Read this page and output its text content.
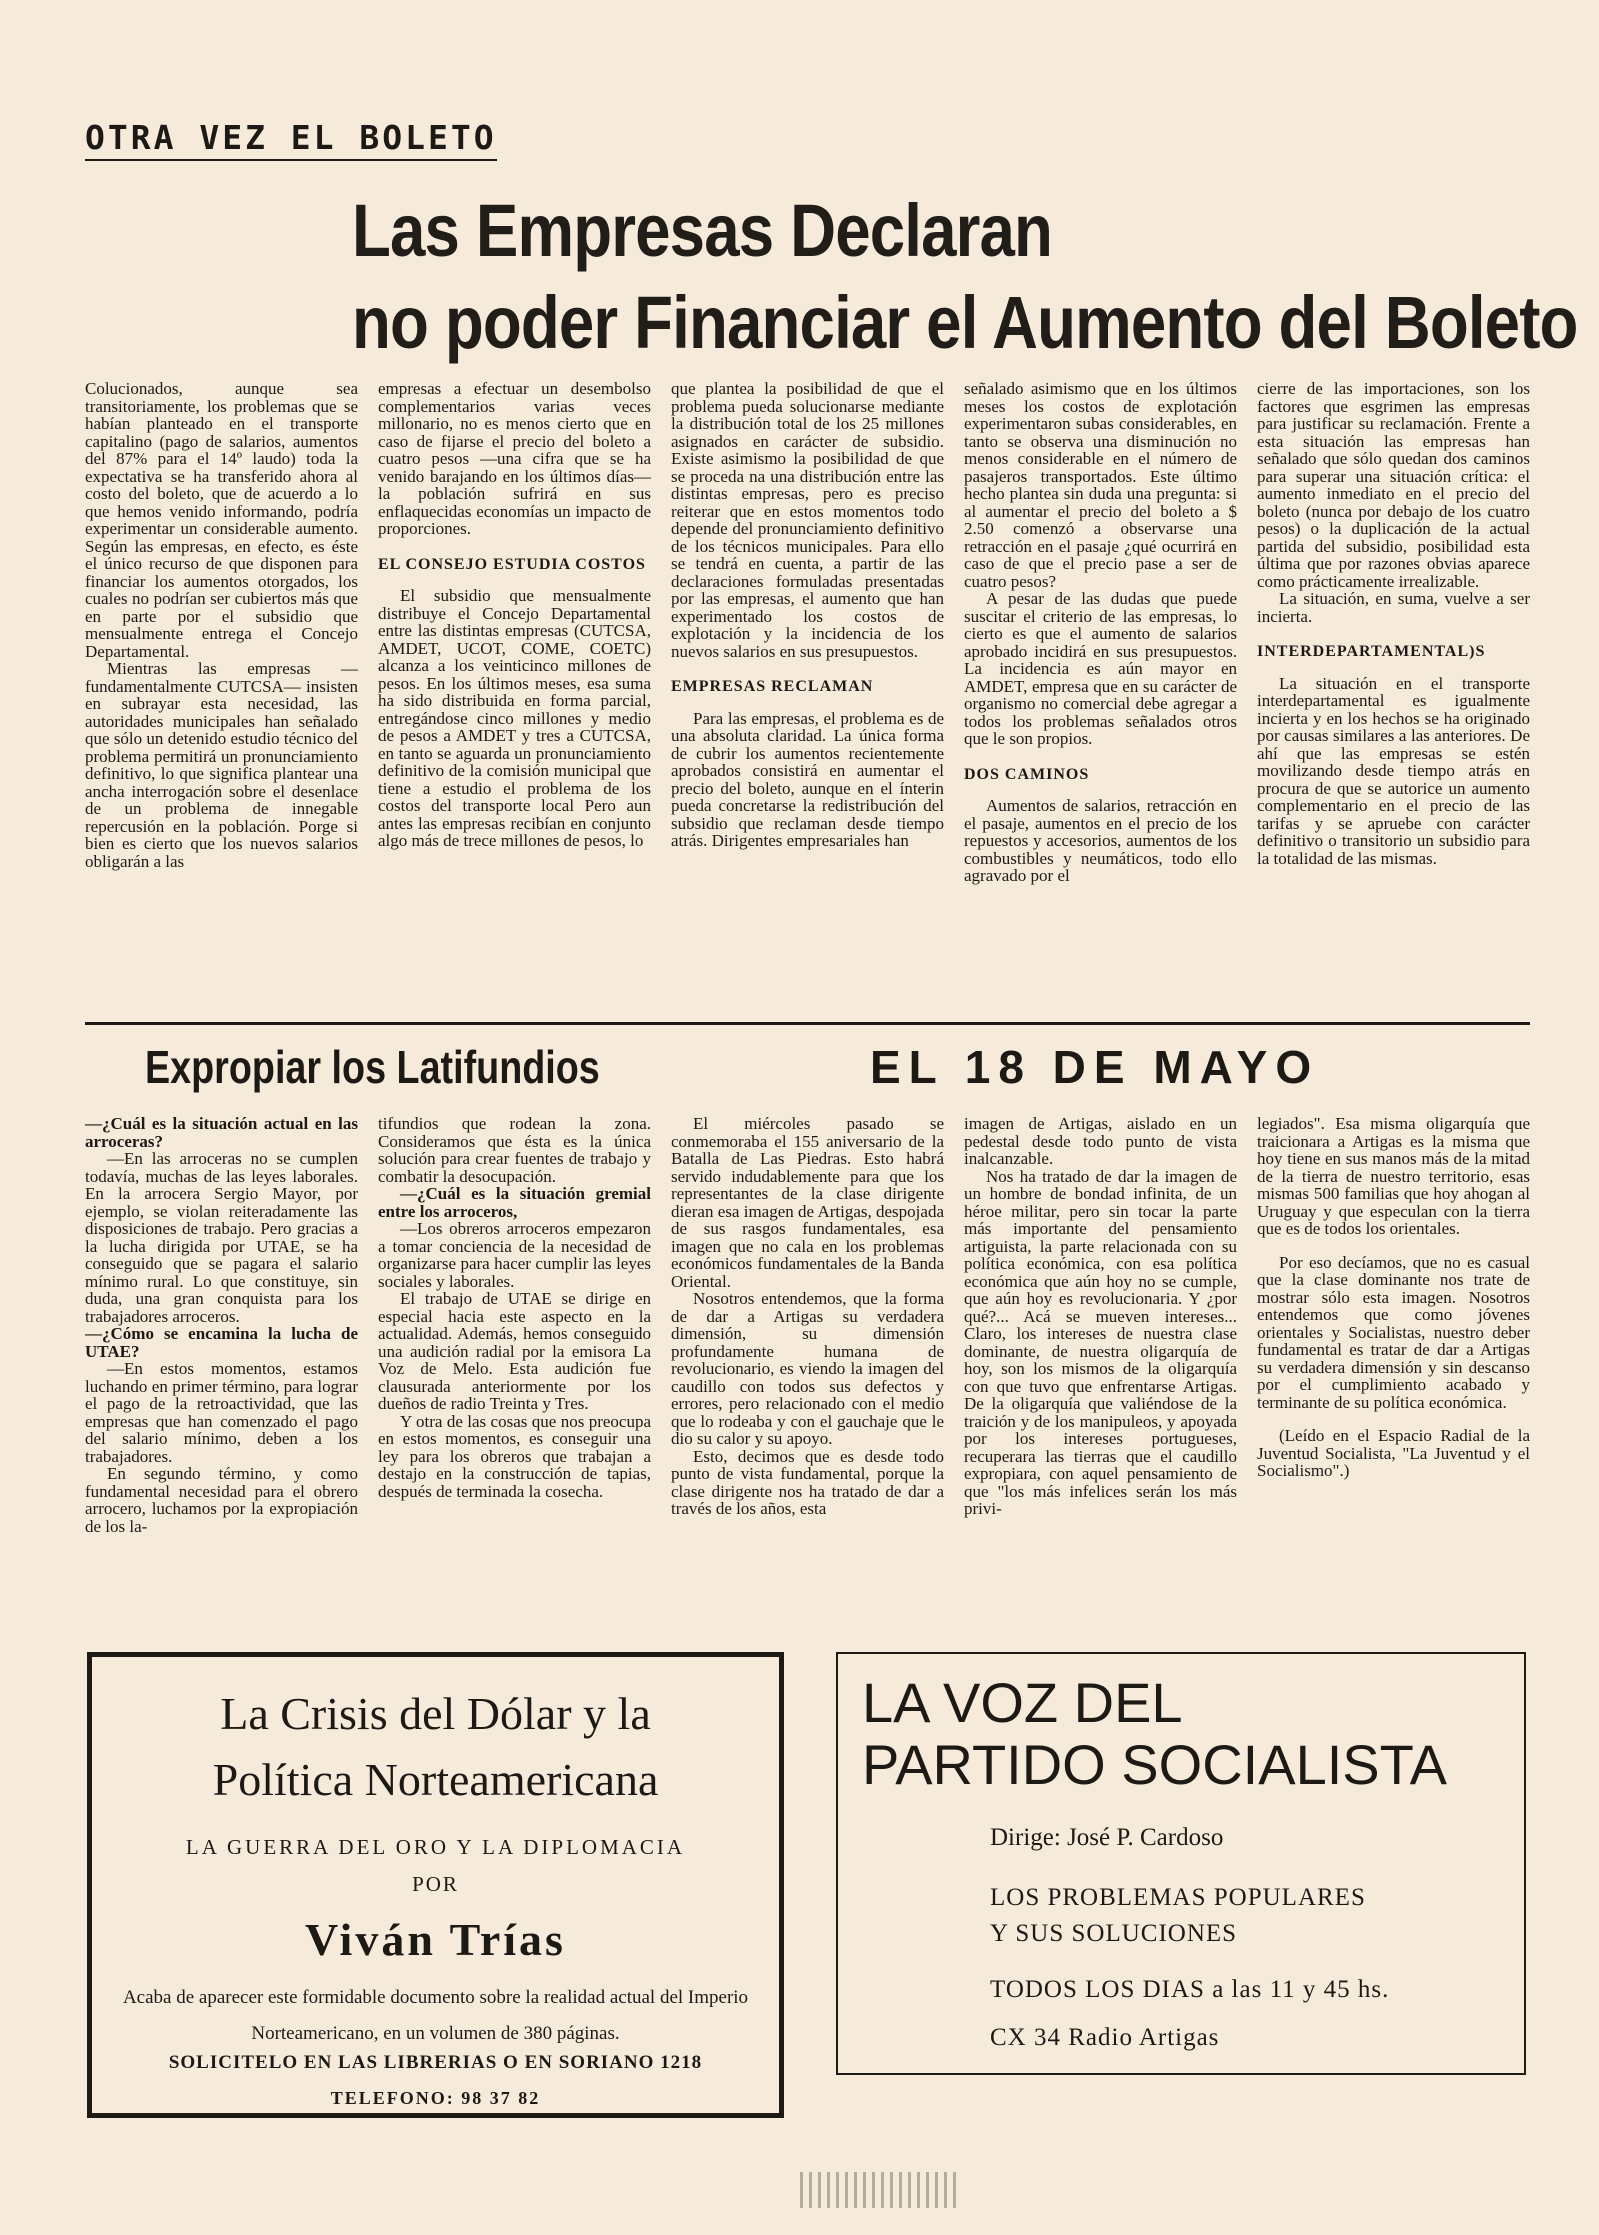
OTRA VEZ EL BOLETO
Las Empresas Declaran
no poder Financiar el Aumento del Boleto

Colucionados, aunque sea transitoriamente, los problemas que se habían planteado en el transporte capitalino (pago de salarios, aumentos del 87% para el 14º laudo) toda la expectativa se ha transferido ahora al costo del boleto, que de acuerdo a lo que hemos venido informando, podría experimentar un considerable aumento. Según las empresas, en efecto, es éste el único recurso de que disponen para financiar los aumentos otorgados, los cuales no podrían ser cubiertos más que en parte por el subsidio que mensualmente entrega el Concejo Departamental.

Mientras las empresas —fundamentalmente CUTCSA— insisten en subrayar esta necesidad, las autoridades municipales han señalado que sólo un detenido estudio técnico del problema permitirá un pronunciamiento definitivo, lo que significa plantear una ancha interrogación sobre el desenlace de un problema de innegable repercusión en la población. Porge si bien es cierto que los nuevos salarios obligarán a las

empresas a efectuar un desembolso complementarios varias veces millonario, no es menos cierto que en caso de fijarse el precio del boleto a cuatro pesos —una cifra que se ha venido barajando en los últimos días— la población sufrirá en sus enflaquecidas economías un impacto de proporciones.

EL CONSEJO ESTUDIA COSTOS

El subsidio que mensualmente distribuye el Concejo Departamental entre las distintas empresas (CUTCSA, AMDET, UCOT, COME, COETC) alcanza a los veinticinco millones de pesos. En los últimos meses, esa suma ha sido distribuida en forma parcial, entregándose cinco millones y medio de pesos a AMDET y tres a CUTCSA, en tanto se aguarda un pronunciamiento definitivo de la comisión municipal que tiene a estudio el problema de los costos del transporte local Pero aun antes las empresas recibían en conjunto algo más de trece millones de pesos, lo

que plantea la posibilidad de que el problema pueda solucionarse mediante la distribución total de los 25 millones asignados en carácter de subsidio. Existe asimismo la posibilidad de que se proceda na una distribución entre las distintas empresas, pero es preciso reiterar que en estos momentos todo depende del pronunciamiento definitivo de los técnicos municipales. Para ello se tendrá en cuenta, a partir de las declaraciones formuladas presentadas por las empresas, el aumento que han experimentado los costos de explotación y la incidencia de los nuevos salarios en sus presupuestos.

EMPRESAS RECLAMAN

Para las empresas, el problema es de una absoluta claridad. La única forma de cubrir los aumentos recientemente aprobados consistirá en aumentar el precio del boleto, aunque en el ínterin pueda concretarse la redistribución del subsidio que reclaman desde tiempo atrás. Dirigentes empresariales han

señalado asimismo que en los últimos meses los costos de explotación experimentaron subas considerables, en tanto se observa una disminución no menos considerable en el número de pasajeros transportados. Este último hecho plantea sin duda una pregunta: si al aumentar el precio del boleto a $ 2.50 comenzó a observarse una retracción en el pasaje ¿qué ocurrirá en caso de que el precio pase a ser de cuatro pesos?

A pesar de las dudas que puede suscitar el criterio de las empresas, lo cierto es que el aumento de salarios aprobado incidirá en sus presupuestos. La incidencia es aún mayor en AMDET, empresa que en su carácter de organismo no comercial debe agregar a todos los problemas señalados otros que le son propios.

DOS CAMINOS

Aumentos de salarios, retracción en el pasaje, aumentos en el precio de los repuestos y accesorios, aumentos de los combustibles y neumáticos, todo ello agravado por el

cierre de las importaciones, son los factores que esgrimen las empresas para justificar su reclamación. Frente a esta situación las empresas han señalado que sólo quedan dos caminos para superar una situación crítica: el aumento inmediato en el precio del boleto (nunca por debajo de los cuatro pesos) o la duplicación de la actual partida del subsidio, posibilidad esta última que por razones obvias aparece como prácticamente irrealizable.

La situación, en suma, vuelve a ser incierta.

INTERDEPARTAMENTAL)S

La situación en el transporte interdepartamental es igualmente incierta y en los hechos se ha originado por causas similares a las anteriores. De ahí que las empresas se estén movilizando desde tiempo atrás en procura de que se autorice un aumento complementario en el precio de las tarifas y se apruebe con carácter definitivo o transitorio un subsidio para la totalidad de las mismas.

Expropiar los Latifundios	EL 18 DE MAYO

—¿Cuál es la situación actual en las arroceras?

—En las arroceras no se cumplen todavía, muchas de las leyes laborales. En la arrocera Sergio Mayor, por ejemplo, se violan reiteradamente las disposiciones de trabajo. Pero gracias a la lucha dirigida por UTAE, se ha conseguido que se pagara el salario mínimo rural. Lo que constituye, sin duda, una gran conquista para los trabajadores arroceros.

—¿Cómo se encamina la lucha de UTAE?

—En estos momentos, estamos luchando en primer término, para lograr el pago de la retroactividad, que las empresas que han comenzado el pago del salario mínimo, deben a los trabajadores.

En segundo término, y como fundamental necesidad para el obrero arrocero, luchamos por la expropiación de los la-

tifundios que rodean la zona. Consideramos que ésta es la única solución para crear fuentes de trabajo y combatir la desocupación.

—¿Cuál es la situación gremial entre los arroceros,

—Los obreros arroceros empezaron a tomar conciencia de la necesidad de organizarse para hacer cumplir las leyes sociales y laborales.

El trabajo de UTAE se dirige en especial hacia este aspecto en la actualidad. Además, hemos conseguido una audición radial por la emisora La Voz de Melo. Esta audición fue clausurada anteriormente por los dueños de radio Treinta y Tres.

Y otra de las cosas que nos preocupa en estos momentos, es conseguir una ley para los obreros que trabajan a destajo en la construcción de tapias, después de terminada la cosecha.

El miércoles pasado se conmemoraba el 155 aniversario de la Batalla de Las Piedras. Esto habrá servido indudablemente para que los representantes de la clase dirigente dieran esa imagen de Artigas, despojada de sus rasgos fundamentales, esa imagen que no cala en los problemas económicos fundamentales de la Banda Oriental.

Nosotros entendemos, que la forma de dar a Artigas su verdadera dimensión, su dimensión profundamente humana de revolucionario, es viendo la imagen del caudillo con todos sus defectos y errores, pero relacionado con el medio que lo rodeaba y con el gauchaje que le dio su calor y su apoyo.

Esto, decimos que es desde todo punto de vista fundamental, porque la clase dirigente nos ha tratado de dar a través de los años, esta

imagen de Artigas, aislado en un pedestal desde todo punto de vista inalcanzable.

Nos ha tratado de dar la imagen de un hombre de bondad infinita, de un héroe militar, pero sin tocar la parte más importante del pensamiento artiguista, la parte relacionada con su política económica, con esa política económica que aún hoy no se cumple, que aún hoy es revolucionaria. Y ¿por qué?... Acá se mueven intereses... Claro, los intereses de nuestra clase dominante, de nuestra oligarquía de hoy, son los mismos de la oligarquía con que tuvo que enfrentarse Artigas. De la oligarquía que valiéndose de la traición y de los manipuleos, y apoyada por los intereses portugueses, recuperara las tierras que el caudillo expropiara, con aquel pensamiento de que "los más infelices serán los más privi-

legiados". Esa misma oligarquía que traicionara a Artigas es la misma que hoy tiene en sus manos más de la mitad de la tierra de nuestro territorio, esas mismas 500 familias que hoy ahogan al Uruguay y que especulan con la tierra que es de todos los orientales.

Por eso decíamos, que no es casual que la clase dominante nos trate de mostrar sólo esta imagen. Nosotros entendemos que como jóvenes orientales y Socialistas, nuestro deber fundamental es tratar de dar a Artigas su verdadera dimensión y sin descanso por el cumplimiento acabado y terminante de su política económica.

(Leído en el Espacio Radial de la Juventud Socialista, "La Juventud y el Socialismo".)

La Crisis del Dólar y la
Política Norteamericana
LA GUERRA DEL ORO Y LA DIPLOMACIA
POR
Viván Trías
Acaba de aparecer este formidable documento sobre la realidad actual del Imperio Norteamericano, en un volumen de 380 páginas.
SOLICITELO EN LAS LIBRERIAS O EN SORIANO 1218
TELEFONO: 98 37 82
LA VOZ DEL
PARTIDO SOCIALISTA
Dirige: José P. Cardoso
LOS PROBLEMAS POPULARES
Y SUS SOLUCIONES
TODOS LOS DIAS a las 11 y 45 hs.
CX 34 Radio Artigas
